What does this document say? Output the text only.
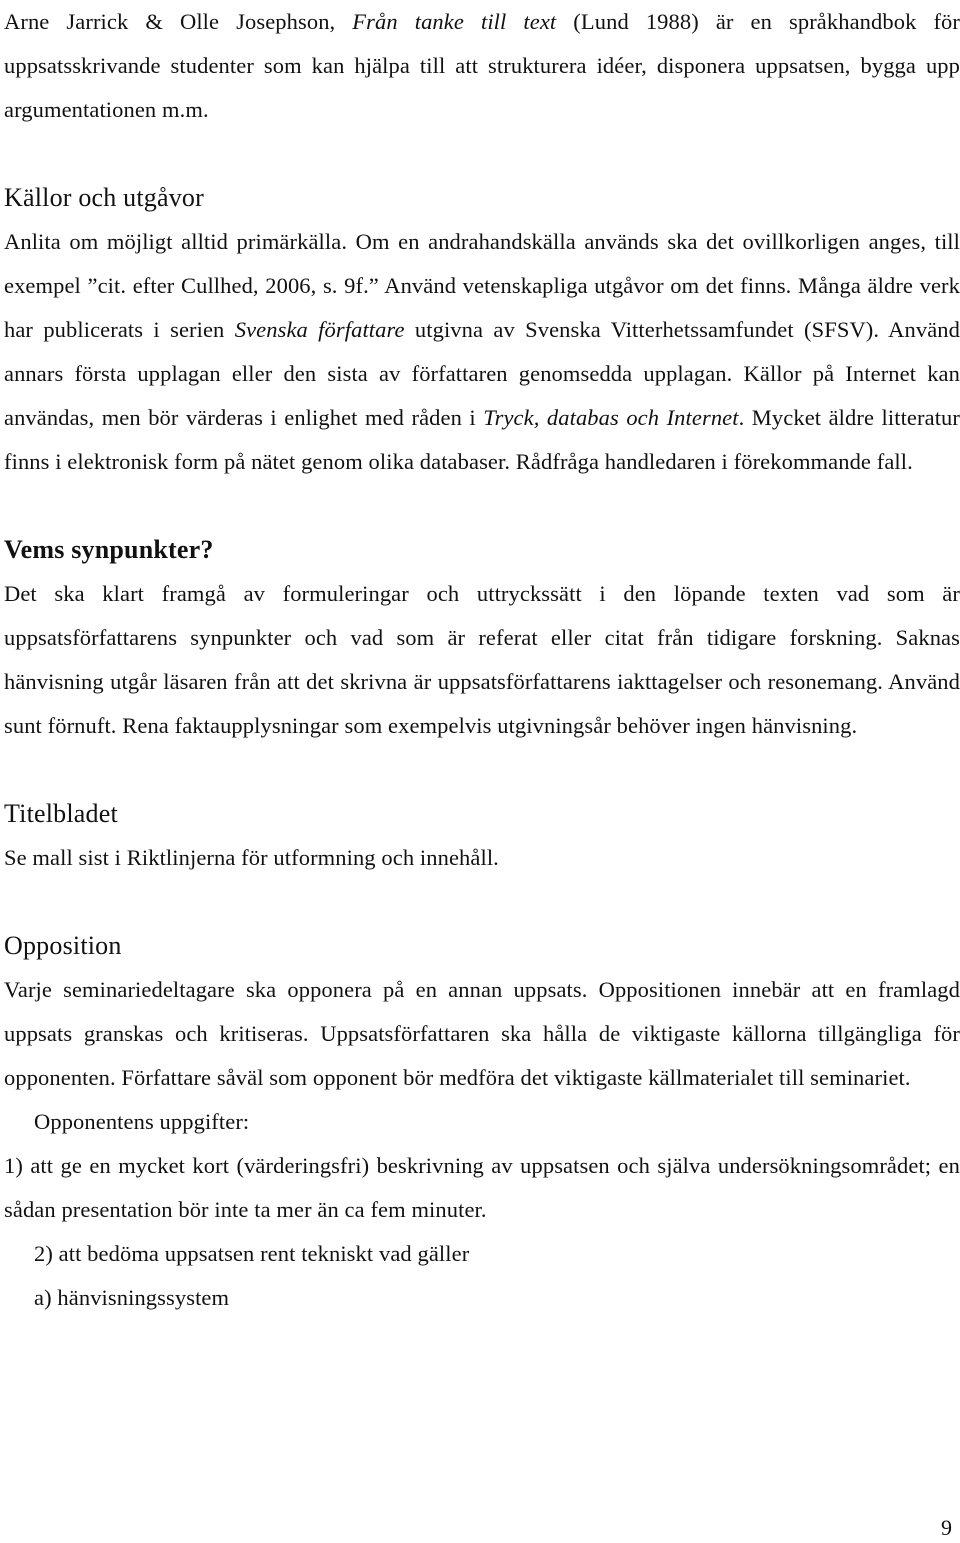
Arne Jarrick & Olle Josephson, Från tanke till text (Lund 1988) är en språkhandbok för uppsatsskrivande studenter som kan hjälpa till att strukturera idéer, disponera uppsatsen, bygga upp argumentationen m.m.

Källor och utgåvor

Anlita om möjligt alltid primärkälla. Om en andrahandskälla används ska det ovillkorligen anges, till exempel ”cit. efter Cullhed, 2006, s. 9f.” Använd vetenskapliga utgåvor om det finns. Många äldre verk har publicerats i serien Svenska författare utgivna av Svenska Vitterhetssamfundet (SFSV). Använd annars första upplagan eller den sista av författaren genomsedda upplagan. Källor på Internet kan användas, men bör värderas i enlighet med råden i Tryck, databas och Internet. Mycket äldre litteratur finns i elektronisk form på nätet genom olika databaser. Rådfråga handledaren i förekommande fall.

Vems synpunkter?

Det ska klart framgå av formuleringar och uttryckssätt i den löpande texten vad som är uppsatsförfattarens synpunkter och vad som är referat eller citat från tidigare forskning. Saknas hänvisning utgår läsaren från att det skrivna är uppsatsförfattarens iakttagelser och resonemang. Använd sunt förnuft. Rena faktaupplysningar som exempelvis utgivningsår behöver ingen hänvisning.

Titelbladet

Se mall sist i Riktlinjerna för utformning och innehåll.

Opposition

Varje seminariedeltagare ska opponera på en annan uppsats. Oppositionen innebär att en framlagd uppsats granskas och kritiseras. Uppsatsförfattaren ska hålla de viktigaste källorna tillgängliga för opponenten. Författare såväl som opponent bör medföra det viktigaste källmaterialet till seminariet.

Opponentens uppgifter:

1) att ge en mycket kort (värderingsfri) beskrivning av uppsatsen och själva undersökningsområdet; en sådan presentation bör inte ta mer än ca fem minuter.

2) att bedöma uppsatsen rent tekniskt vad gäller

a) hänvisningssystem

9
